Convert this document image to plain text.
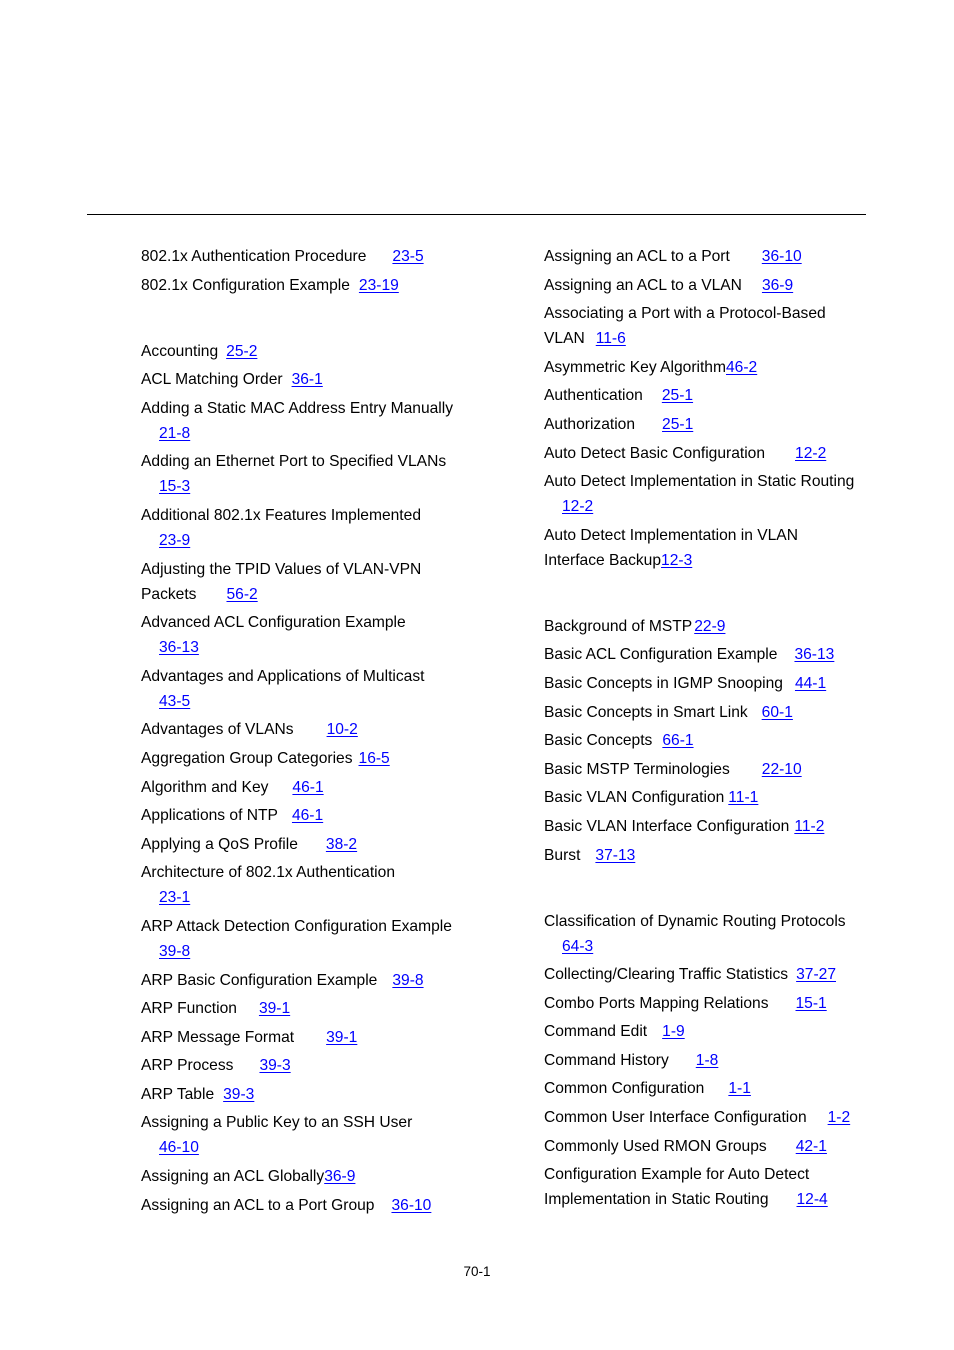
802.1x Authentication Procedure 23-5
802.1x Configuration Example 23-19
Accounting 25-2
ACL Matching Order 36-1
Adding a Static MAC Address Entry Manually
21-8
Adding an Ethernet Port to Specified VLANs
15-3
Additional 802.1x Features Implemented
23-9
Adjusting the TPID Values of VLAN-VPN
Packets 56-2
Advanced ACL Configuration Example
36-13
Advantages and Applications of Multicast
43-5
Advantages of VLANs 10-2
Aggregation Group Categories 16-5
Algorithm and Key 46-1
Applications of NTP 46-1
Applying a QoS Profile 38-2
Architecture of 802.1x Authentication
23-1
ARP Attack Detection Configuration Example
39-8
ARP Basic Configuration Example 39-8
ARP Function 39-1
ARP Message Format 39-1
ARP Process 39-3
ARP Table 39-3
Assigning a Public Key to an SSH User
46-10
Assigning an ACL Globally36-9
Assigning an ACL to a Port Group 36-10
Assigning an ACL to a Port 36-10
Assigning an ACL to a VLAN 36-9
Associating a Port with a Protocol-Based
VLAN 11-6
Asymmetric Key Algorithm46-2
Authentication 25-1
Authorization 25-1
Auto Detect Basic Configuration 12-2
Auto Detect Implementation in Static Routing
12-2
Auto Detect Implementation in VLAN
Interface Backup12-3
Background of MSTP 22-9
Basic ACL Configuration Example 36-13
Basic Concepts in IGMP Snooping 44-1
Basic Concepts in Smart Link 60-1
Basic Concepts 66-1
Basic MSTP Terminologies 22-10
Basic VLAN Configuration 11-1
Basic VLAN Interface Configuration 11-2
Burst 37-13
Classification of Dynamic Routing Protocols
64-3
Collecting/Clearing Traffic Statistics 37-27
Combo Ports Mapping Relations 15-1
Command Edit 1-9
Command History 1-8
Common Configuration 1-1
Common User Interface Configuration 1-2
Commonly Used RMON Groups 42-1
Configuration Example for Auto Detect
Implementation in Static Routing 12-4
70-1
